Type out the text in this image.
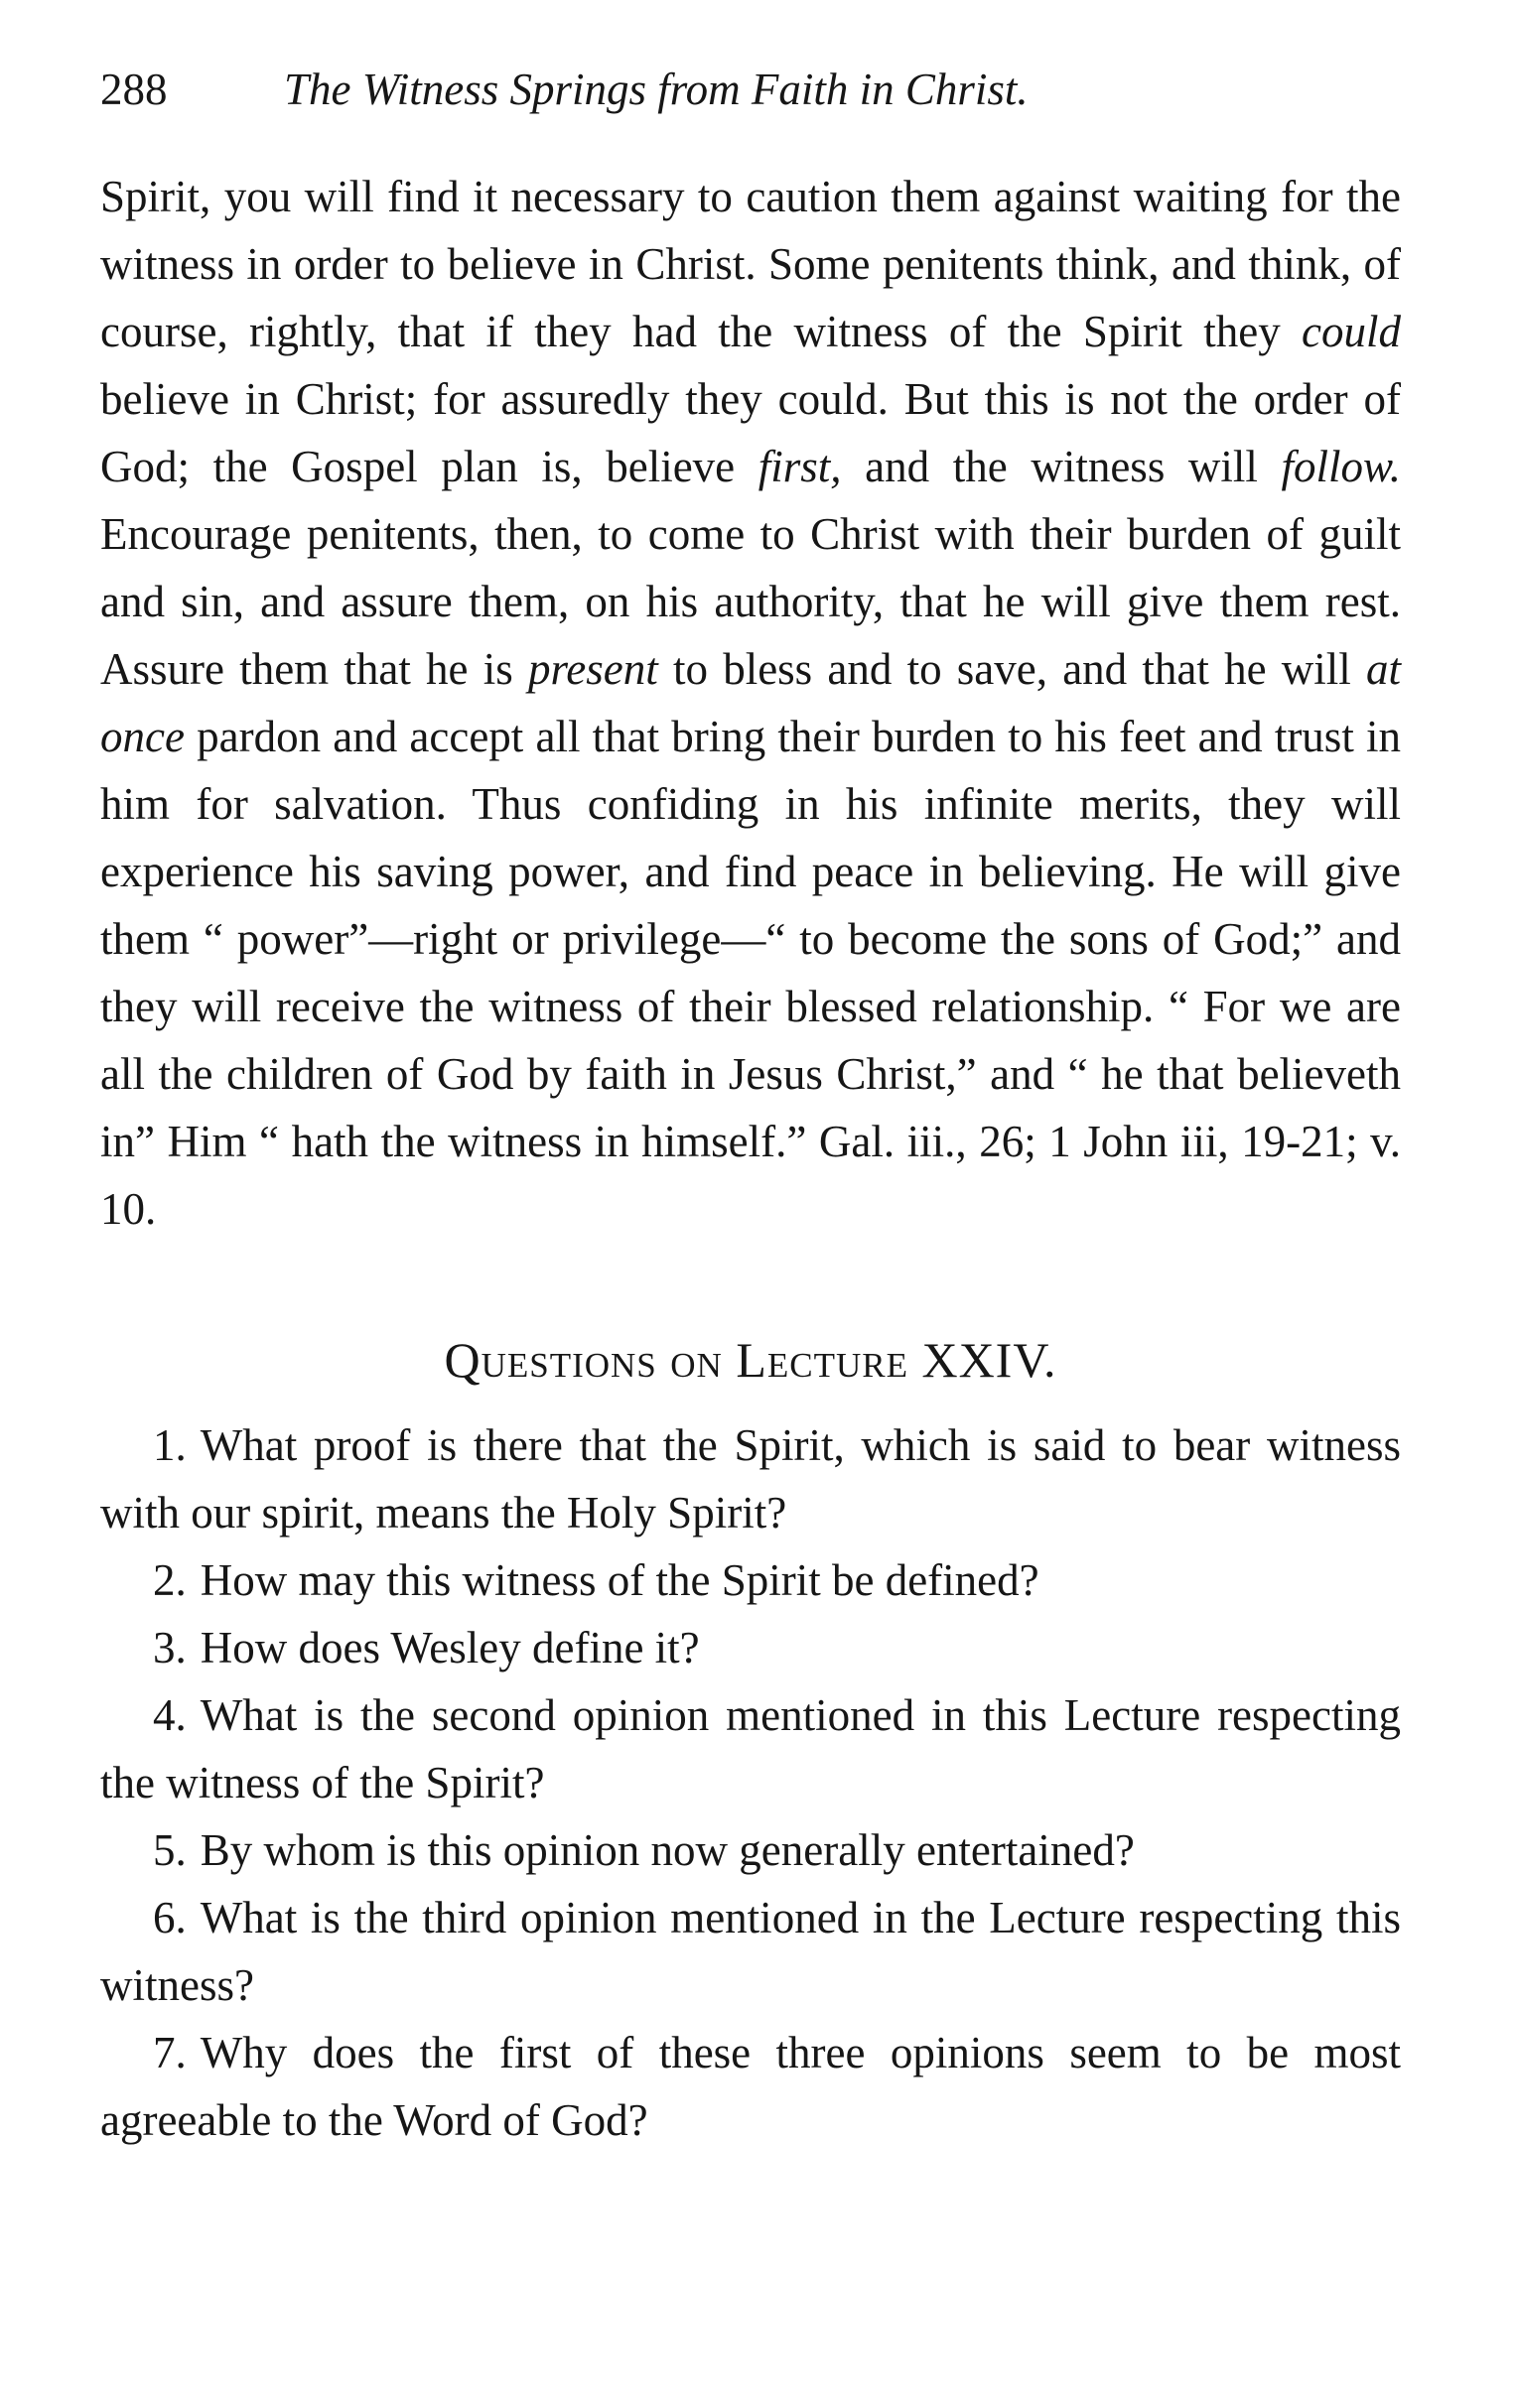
288	The Witness Springs from Faith in Christ.

Spirit, you will find it necessary to caution them against waiting for the witness in order to believe in Christ. Some penitents think, and think, of course, rightly, that if they had the witness of the Spirit they could believe in Christ; for assuredly they could. But this is not the order of God; the Gospel plan is, believe first, and the witness will follow. Encourage penitents, then, to come to Christ with their burden of guilt and sin, and assure them, on his authority, that he will give them rest. Assure them that he is present to bless and to save, and that he will at once pardon and accept all that bring their burden to his feet and trust in him for salvation. Thus confiding in his infinite merits, they will experience his saving power, and find peace in believing. He will give them “ power”—right or privilege—“ to become the sons of God;” and they will receive the witness of their blessed relationship. “ For we are all the children of God by faith in Jesus Christ,” and “ he that believeth in” Him “ hath the witness in himself.” Gal. iii., 26; 1 John iii, 19-21; v. 10.

Questions on Lecture XXIV.
1. What proof is there that the Spirit, which is said to bear witness with our spirit, means the Holy Spirit?
2. How may this witness of the Spirit be defined?
3. How does Wesley define it?
4. What is the second opinion mentioned in this Lecture respecting the witness of the Spirit?
5. By whom is this opinion now generally entertained?
6. What is the third opinion mentioned in the Lecture respecting this witness?
7. Why does the first of these three opinions seem to be most agreeable to the Word of God?
